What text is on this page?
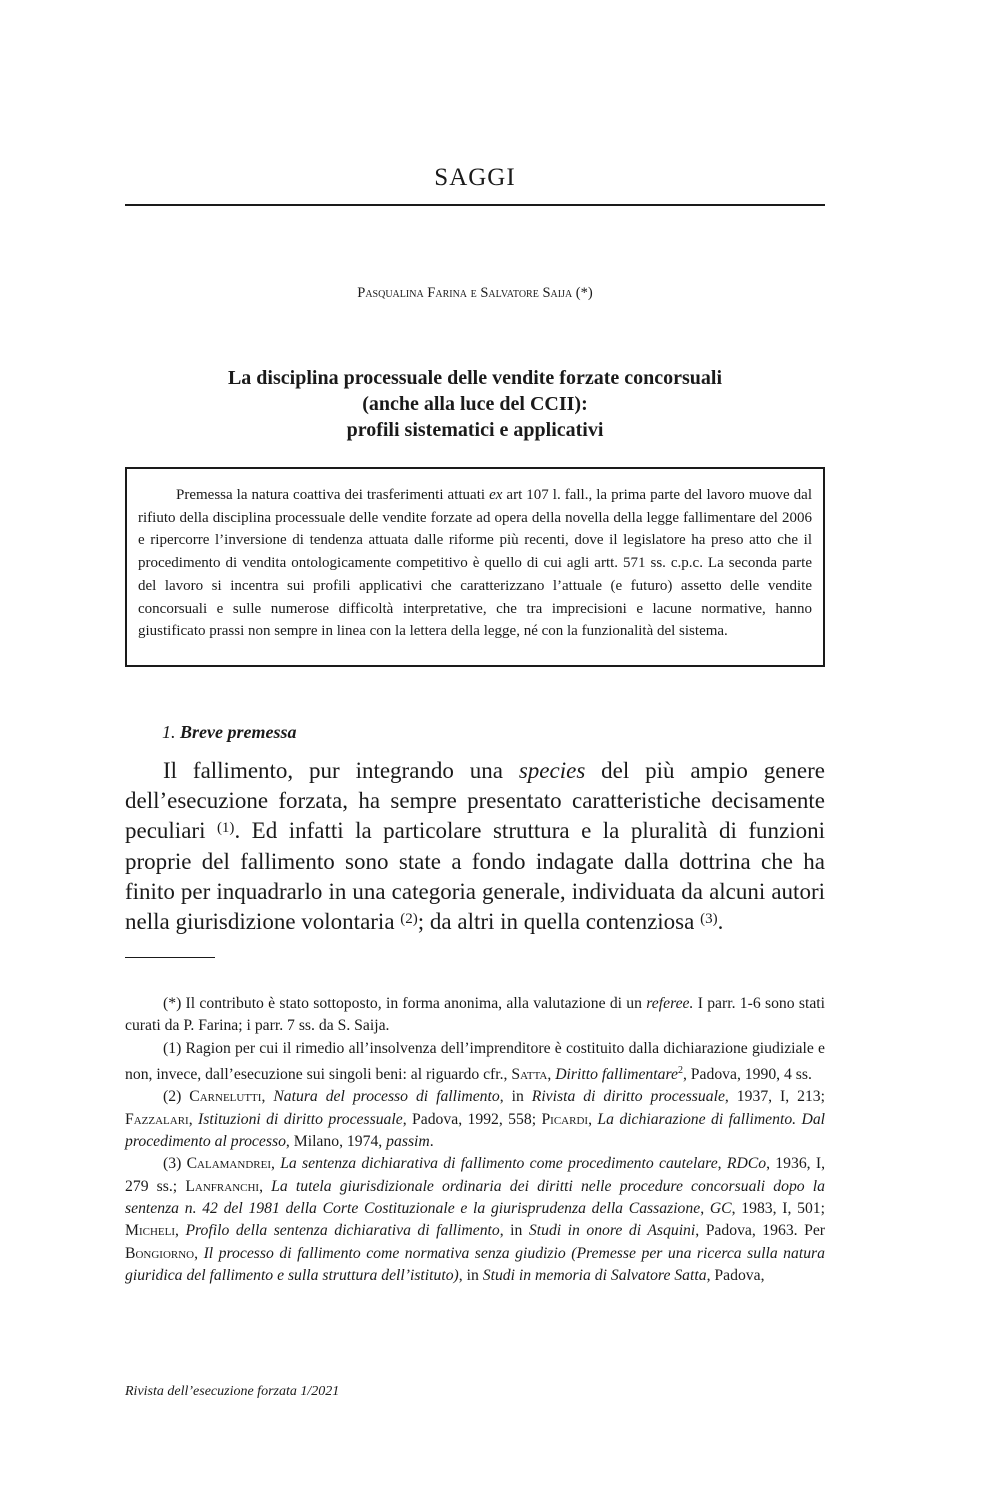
SAGGI
Pasqualina Farina e Salvatore Saija (*)
La disciplina processuale delle vendite forzate concorsuali
(anche alla luce del CCII):
profili sistematici e applicativi

Premessa la natura coattiva dei trasferimenti attuati ex art 107 l. fall., la prima parte del lavoro muove dal rifiuto della disciplina processuale delle vendite forzate ad opera della novella della legge fallimentare del 2006 e ripercorre l’inversione di tendenza attuata dalle riforme più recenti, dove il legislatore ha preso atto che il procedimento di vendita ontologicamente competitivo è quello di cui agli artt. 571 ss. c.p.c. La seconda parte del lavoro si incentra sui profili applicativi che caratterizzano l’attuale (e futuro) assetto delle vendite concorsuali e sulle numerose difficoltà interpretative, che tra imprecisioni e lacune normative, hanno giustificato prassi non sempre in linea con la lettera della legge, né con la funzionalità del sistema.

1. Breve premessa

Il fallimento, pur integrando una species del più ampio genere dell’esecuzione forzata, ha sempre presentato caratteristiche decisamente peculiari $^{(1)}$. Ed infatti la particolare struttura e la pluralità di funzioni proprie del fallimento sono state a fondo indagate dalla dottrina che ha finito per inquadrarlo in una categoria generale, individuata da alcuni autori nella giurisdizione volontaria $^{(2)}$; da altri in quella contenziosa $^{(3)}$.

(*) Il contributo è stato sottoposto, in forma anonima, alla valutazione di un referee. I parr. 1-6 sono stati curati da P. Farina; i parr. 7 ss. da S. Saija.

(1) Ragion per cui il rimedio all’insolvenza dell’imprenditore è costituito dalla dichiarazione giudiziale e non, invece, dall’esecuzione sui singoli beni: al riguardo cfr., Satta, Diritto fallimentare$^2$, Padova, 1990, 4 ss.

(2) Carnelutti, Natura del processo di fallimento, in Rivista di diritto processuale, 1937, I, 213; Fazzalari, Istituzioni di diritto processuale, Padova, 1992, 558; Picardi, La dichiarazione di fallimento. Dal procedimento al processo, Milano, 1974, passim.

(3) Calamandrei, La sentenza dichiarativa di fallimento come procedimento cautelare, RDCo, 1936, I, 279 ss.; Lanfranchi, La tutela giurisdizionale ordinaria dei diritti nelle procedure concorsuali dopo la sentenza n. 42 del 1981 della Corte Costituzionale e la giurisprudenza della Cassazione, GC, 1983, I, 501; Micheli, Profilo della sentenza dichiarativa di fallimento, in Studi in onore di Asquini, Padova, 1963. Per Bongiorno, Il processo di fallimento come normativa senza giudizio (Premesse per una ricerca sulla natura giuridica del fallimento e sulla struttura dell’istituto), in Studi in memoria di Salvatore Satta, Padova,

Rivista dell’esecuzione forzata 1/2021
